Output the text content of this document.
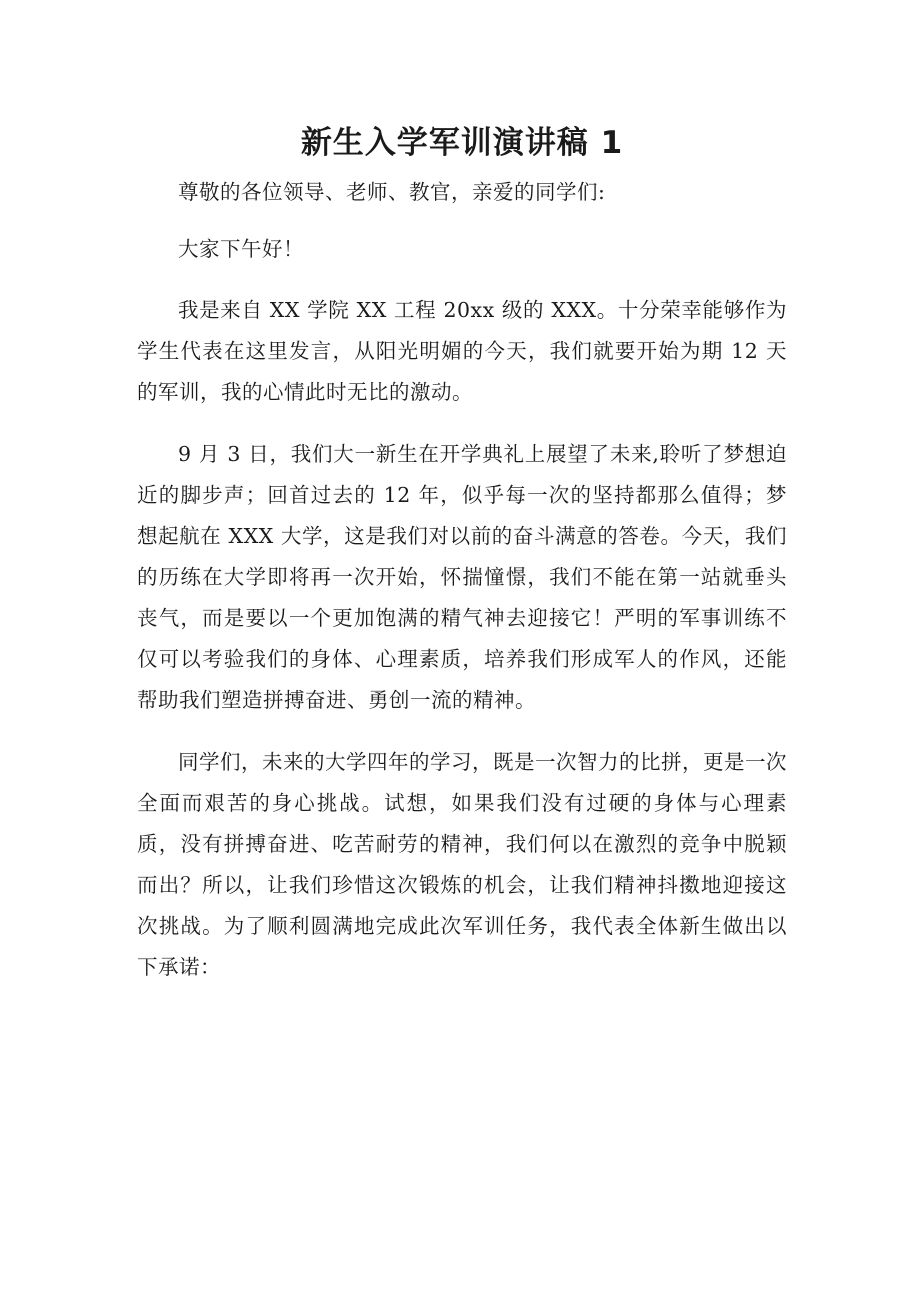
新生入学军训演讲稿 1

尊敬的各位领导、老师、教官，亲爱的同学们:

大家下午好！

我是来自 XX 学院 XX 工程 20xx 级的 XXX。十分荣幸能够作为学生代表在这里发言，从阳光明媚的今天，我们就要开始为期 12 天的军训，我的心情此时无比的激动。

9 月 3 日，我们大一新生在开学典礼上展望了未来,聆听了梦想迫近的脚步声；回首过去的 12 年，似乎每一次的坚持都那么值得；梦想起航在 XXX 大学，这是我们对以前的奋斗满意的答卷。今天，我们的历练在大学即将再一次开始，怀揣憧憬，我们不能在第一站就垂头丧气，而是要以一个更加饱满的精气神去迎接它！严明的军事训练不仅可以考验我们的身体、心理素质，培养我们形成军人的作风，还能帮助我们塑造拼搏奋进、勇创一流的精神。

同学们，未来的大学四年的学习，既是一次智力的比拼，更是一次全面而艰苦的身心挑战。试想，如果我们没有过硬的身体与心理素质，没有拼搏奋进、吃苦耐劳的精神，我们何以在激烈的竞争中脱颖而出？所以，让我们珍惜这次锻炼的机会，让我们精神抖擞地迎接这次挑战。为了顺利圆满地完成此次军训任务，我代表全体新生做出以下承诺：
